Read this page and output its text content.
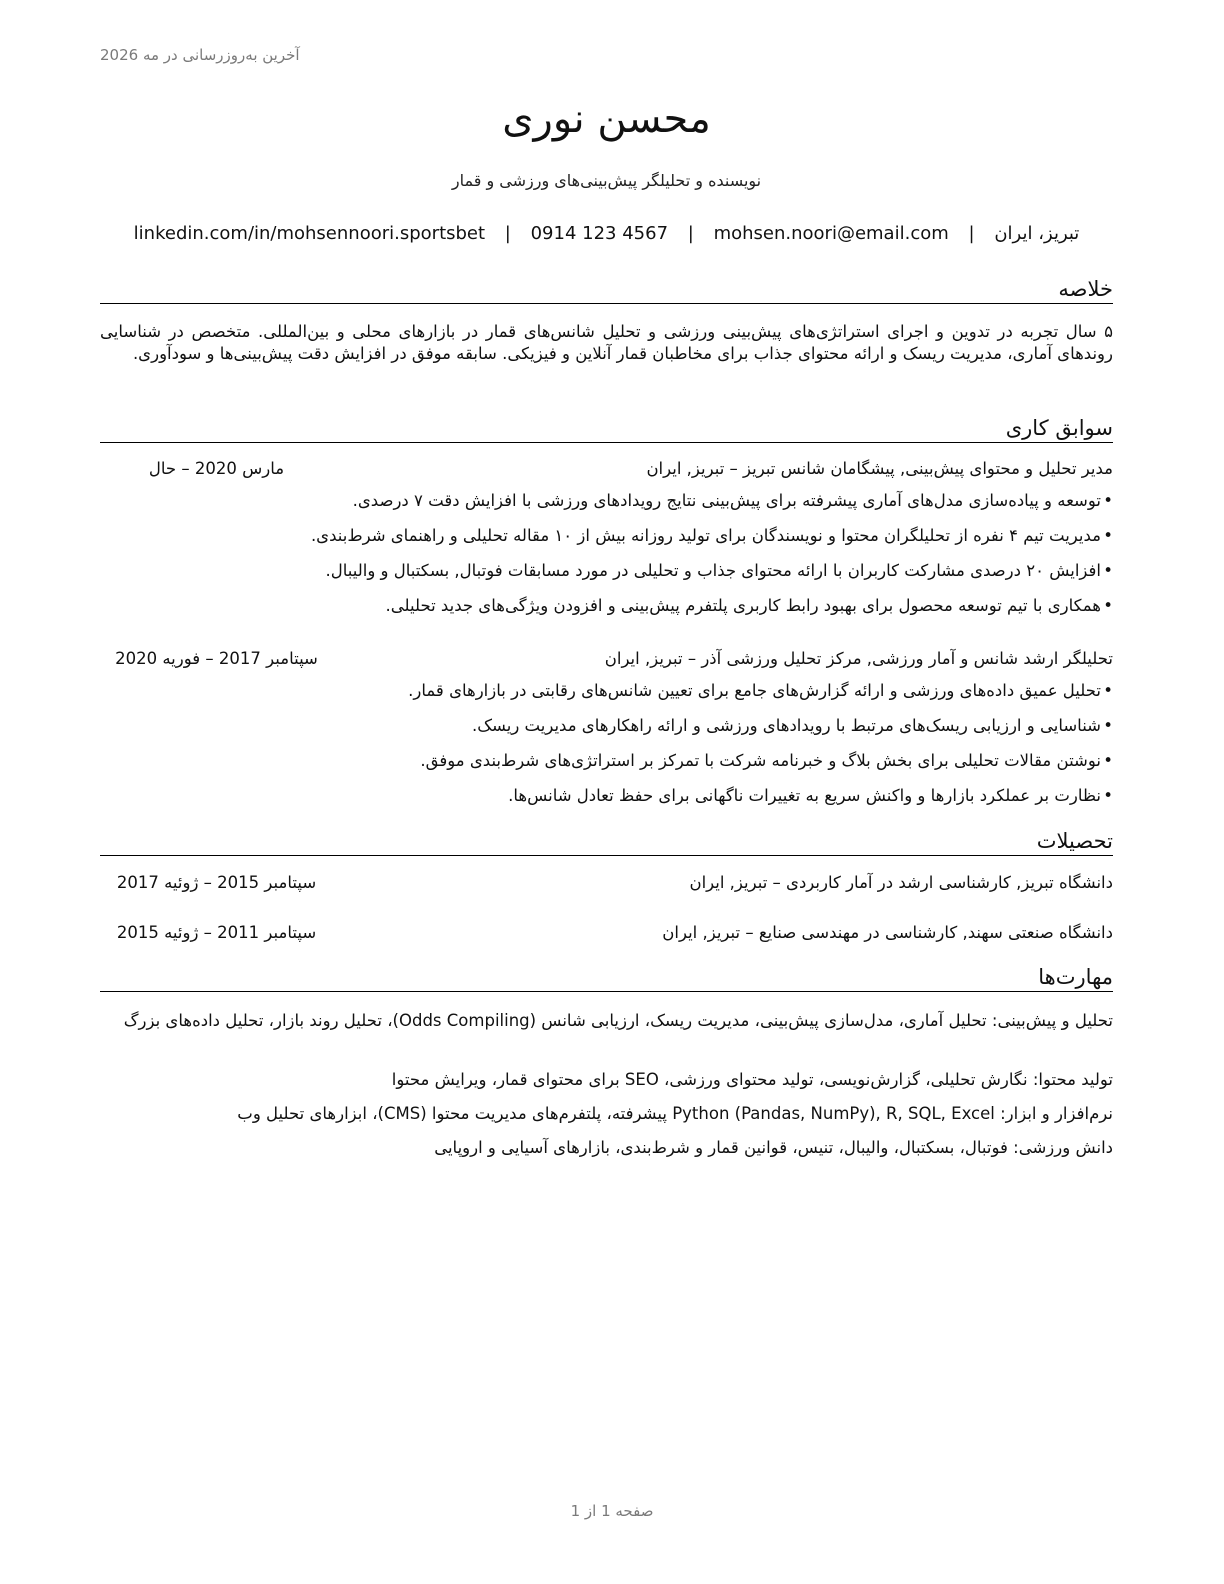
آخرین به‌روزرسانی در مه 2026
محسن نوری
نویسنده و تحلیلگر پیش‌بینی‌های ورزشی و قمار
تبریز، ایران | mohsen.noori@email.com | 0914 123 4567 | linkedin.com/in/mohsennoori.sportsbet
خلاصه
۵ سال تجربه در تدوین و اجرای استراتژی‌های پیش‌بینی ورزشی و تحلیل شانس‌های قمار در بازارهای محلی و بین‌المللی. متخصص در شناسایی روندهای آماری، مدیریت ریسک و ارائه محتوای جذاب برای مخاطبان قمار آنلاین و فیزیکی. سابقه موفق در افزایش دقت پیش‌بینی‌ها و سودآوری.
سوابق کاری
مدیر تحلیل و محتوای پیش‌بینی, پیشگامان شانس تبریز – تبریز, ایران
مارس 2020 – حال
•توسعه و پیاده‌سازی مدل‌های آماری پیشرفته برای پیش‌بینی نتایج رویدادهای ورزشی با افزایش دقت ۷ درصدی.
•مدیریت تیم ۴ نفره از تحلیلگران محتوا و نویسندگان برای تولید روزانه بیش از ۱۰ مقاله تحلیلی و راهنمای شرط‌بندی.
•افزایش ۲۰ درصدی مشارکت کاربران با ارائه محتوای جذاب و تحلیلی در مورد مسابقات فوتبال, بسکتبال و والیبال.
•همکاری با تیم توسعه محصول برای بهبود رابط کاربری پلتفرم پیش‌بینی و افزودن ویژگی‌های جدید تحلیلی.
تحلیلگر ارشد شانس و آمار ورزشی, مرکز تحلیل ورزشی آذر – تبریز, ایران
سپتامبر 2017 – فوریه 2020
•تحلیل عمیق داده‌های ورزشی و ارائه گزارش‌های جامع برای تعیین شانس‌های رقابتی در بازارهای قمار.
•شناسایی و ارزیابی ریسک‌های مرتبط با رویدادهای ورزشی و ارائه راهکارهای مدیریت ریسک.
•نوشتن مقالات تحلیلی برای بخش بلاگ و خبرنامه شرکت با تمرکز بر استراتژی‌های شرط‌بندی موفق.
•نظارت بر عملکرد بازارها و واکنش سریع به تغییرات ناگهانی برای حفظ تعادل شانس‌ها.
تحصیلات
دانشگاه تبریز, کارشناسی ارشد در آمار کاربردی – تبریز, ایران
سپتامبر 2015 – ژوئیه 2017
دانشگاه صنعتی سهند, کارشناسی در مهندسی صنایع – تبریز, ایران
سپتامبر 2011 – ژوئیه 2015
مهارت‌ها
تحلیل و پیش‌بینی: تحلیل آماری، مدل‌سازی پیش‌بینی، مدیریت ریسک، ارزیابی شانس (Odds Compiling)، تحلیل روند بازار، تحلیل داده‌های بزرگ
تولید محتوا: نگارش تحلیلی، گزارش‌نویسی، تولید محتوای ورزشی، SEO برای محتوای قمار، ویرایش محتوا
نرم‌افزار و ابزار: Python (Pandas, NumPy), R, SQL, Excel پیشرفته، پلتفرم‌های مدیریت محتوا (CMS)، ابزارهای تحلیل وب
دانش ورزشی: فوتبال، بسکتبال، والیبال، تنیس، قوانین قمار و شرط‌بندی، بازارهای آسیایی و اروپایی
صفحه 1 از 1
